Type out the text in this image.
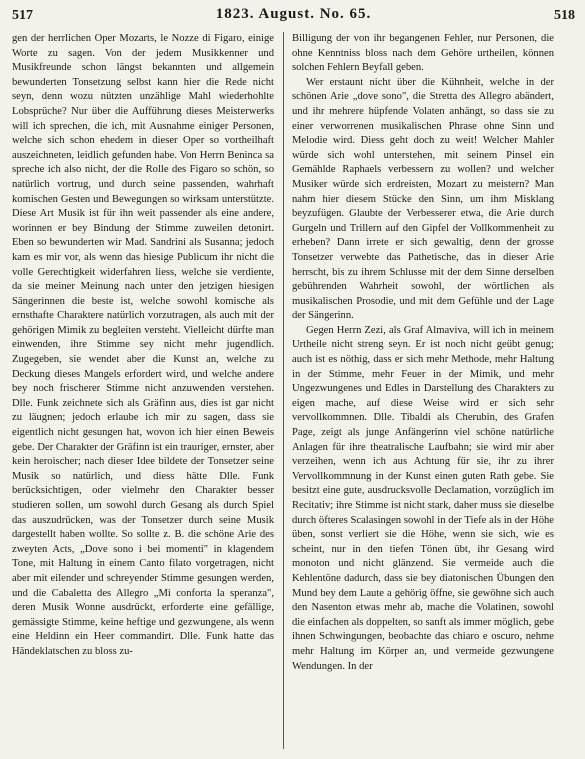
517	1823. August. No. 65.	518

gen der herrlichen Oper Mozarts, le Nozze di Figaro, einige Worte zu sagen. Von der jedem Musikkenner und Musikfreunde schon längst bekannten und allgemein bewunderten Tonsetzung selbst kann hier die Rede nicht seyn, denn wozu nützten unzählige Mahl wiederhohlte Lobsprüche? Nur über die Aufführung dieses Meisterwerks will ich sprechen, die ich, mit Ausnahme einiger Personen, welche sich schon ehedem in dieser Oper so vortheilhaft auszeichneten, leidlich gefunden habe. Von Herrn Beninca sa spreche ich also nicht, der die Rolle des Figaro so schön, so natürlich vortrug, und durch seine passenden, wahrhaft komischen Gesten und Bewegungen so wirksam unterstützte. Diese Art Musik ist für ihn weit passender als eine andere, worinnen er bey Bindung der Stimme zuweilen detonirt. Eben so bewunderten wir Mad. Sandrini als Susanna; jedoch kam es mir vor, als wenn das hiesige Publicum ihr nicht die volle Gerechtigkeit widerfahren liess, welche sie verdiente, da sie meiner Meinung nach unter den jetzigen hiesigen Sängerinnen die beste ist, welche sowohl komische als ernsthafte Charaktere natürlich vorzutragen, als auch mit der gehörigen Mimik zu begleiten versteht. Vielleicht dürfte man einwenden, ihre Stimme sey nicht mehr jugendlich. Zugegeben, sie wendet aber die Kunst an, welche zu Deckung dieses Mangels erfordert wird, und welche andere bey noch frischerer Stimme nicht anzuwenden verstehen. Dlle. Funk zeichnete sich als Gräfinn aus, dies ist gar nicht zu läugnen; jedoch erlaube ich mir zu sagen, dass sie eigentlich nicht gesungen hat, wovon ich hier einen Beweis gebe. Der Charakter der Gräfinn ist ein trauriger, ernster, aber kein heroischer; nach dieser Idee bildete der Tonsetzer seine Musik so natürlich, und diess hätte Dlle. Funk berücksichtigen, oder vielmehr den Charakter besser studieren sollen, um sowohl durch Gesang als durch Spiel das auszudrücken, was der Tonsetzer durch seine Musik dargestellt haben wollte. So sollte z. B. die schöne Arie des zweyten Acts, „Dove sono i bei momenti" in klagendem Tone, mit Haltung in einem Canto filato vorgetragen, nicht aber mit eilender und schreyender Stimme gesungen werden, und die Cabaletta des Allegro „Mi conforta la speranza", deren Musik Wonne ausdrückt, erforderte eine gefällige, gemässigte Stimme, keine heftige und gezwungene, als wenn eine Heldinn ein Heer commandirt. Dlle. Funk hatte das Händeklatschen zu bloss zu-

Billigung der von ihr begangenen Fehler, nur Personen, die ohne Kenntniss bloss nach dem Gehöre urtheilen, können solchen Fehlern Beyfall geben.

Wer erstaunt nicht über die Kühnheit, welche in der schönen Arie „dove sono", die Stretta des Allegro abändert, und ihr mehrere hüpfende Volaten anhängt, so dass sie zu einer verworrenen musikalischen Phrase ohne Sinn und Melodie wird. Diess geht doch zu weit! Welcher Mahler würde sich wohl unterstehen, mit seinem Pinsel ein Gemählde Raphaels verbessern zu wollen? und welcher Musiker würde sich erdreisten, Mozart zu meistern? Man nahm hier diesem Stücke den Sinn, um ihm Misklang beyzufügen. Glaubte der Verbesserer etwa, die Arie durch Gurgeln und Trillern auf den Gipfel der Vollkommenheit zu erheben? Dann irrete er sich gewaltig, denn der grosse Tonsetzer verwebte das Pathetische, das in dieser Arie herrscht, bis zu ihrem Schlusse mit der dem Sinne derselben gebührenden Wahrheit sowohl, der wörtlichen als musikalischen Prosodie, und mit dem Gefühle und der Lage der Sängerinn.

Gegen Herrn Zezi, als Graf Almaviva, will ich in meinem Urtheile nicht streng seyn. Er ist noch nicht geübt genug; auch ist es nöthig, dass er sich mehr Methode, mehr Haltung in der Stimme, mehr Feuer in der Mimik, und mehr Ungezwungenes und Edles in Darstellung des Charakters zu eigen mache, auf diese Weise wird er sich sehr vervollkommnen. Dlle. Tibaldi als Cherubin, des Grafen Page, zeigt als junge Anfängerinn viel schöne natürliche Anlagen für ihre theatralische Laufbahn; sie wird mir aber verzeihen, wenn ich aus Achtung für sie, ihr zu ihrer Vervollkommnung in der Kunst einen guten Rath gebe. Sie besitzt eine gute, ausdrucksvolle Declamation, vorzüglich im Recitativ; ihre Stimme ist nicht stark, daher muss sie dieselbe durch öfteres Scalasingen sowohl in der Tiefe als in der Höhe üben, sonst verliert sie die Höhe, wenn sie sich, wie es scheint, nur in den tiefen Tönen übt, ihr Gesang wird monoton und nicht glänzend. Sie vermeide auch die Kehlentöne dadurch, dass sie bey diatonischen Übungen den Mund bey dem Laute a gehörig öffne, sie gewöhne sich auch den Nasenton etwas mehr ab, mache die Volatinen, sowohl die einfachen als doppelten, so sanft als immer möglich, gebe ihnen Schwingungen, beobachte das chiaro e oscuro, nehme mehr Haltung im Körper an, und vermeide gezwungene Wendungen. In der
